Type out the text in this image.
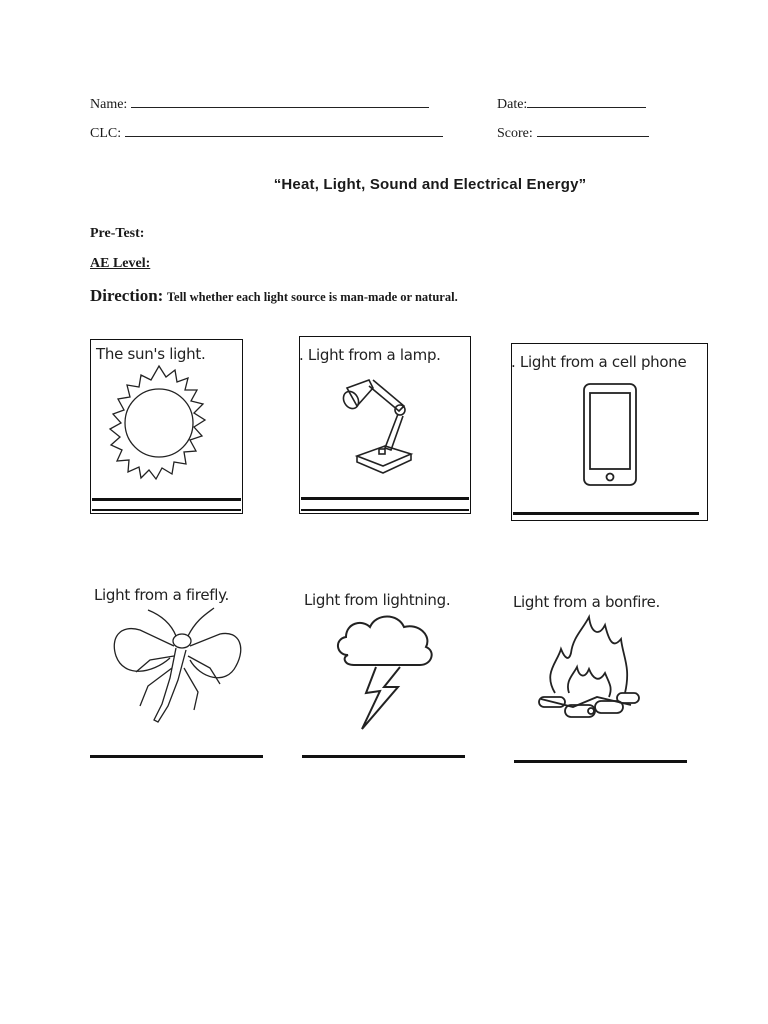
Name:	Date:
CLC:	Score:
“Heat, Light, Sound and Electrical Energy”
Pre-Test:
AE Level:
Direction: Tell whether each light source is man-made or natural.
The sun's light.	. Light from a lamp.	. Light from a cell phone
Light from a firefly.	Light from lightning.	Light from a bonfire.
